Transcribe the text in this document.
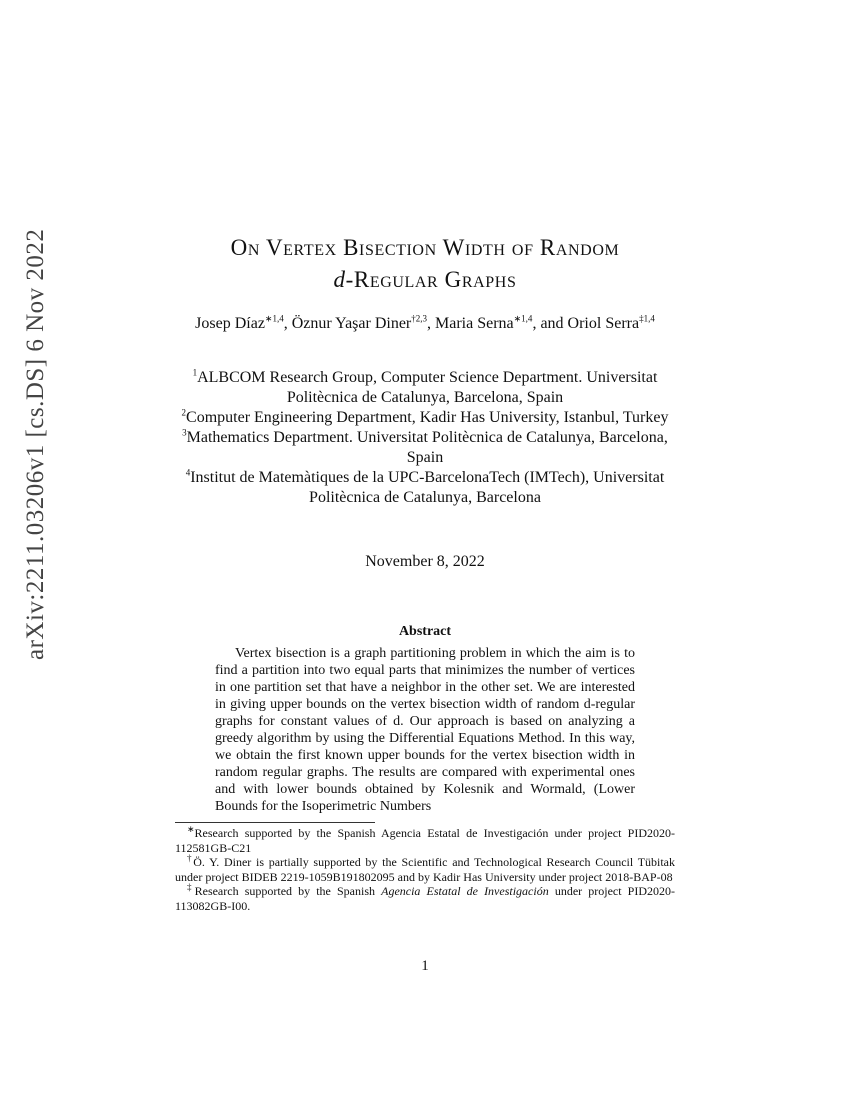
arXiv:2211.03206v1 [cs.DS] 6 Nov 2022	On Vertex Bisection Width of Random
d-Regular Graphs
Josep Díaz$^{∗1,4}$, Öznur Yaşar Diner$^{\dagger 2,3}$, Maria Serna$^{∗1,4}$, and Oriol Serra$^{\ddagger 1,4}$
$^1$ALBCOM Research Group, Computer Science Department. Universitat Politècnica de Catalunya, Barcelona, Spain
$^2$Computer Engineering Department, Kadir Has University, Istanbul, Turkey
$^3$Mathematics Department. Universitat Politècnica de Catalunya, Barcelona, Spain
$^4$Institut de Matemàtiques de la UPC-BarcelonaTech (IMTech), Universitat Politècnica de Catalunya, Barcelona
November 8, 2022
Abstract
Vertex bisection is a graph partitioning problem in which the aim is to find a partition into two equal parts that minimizes the number of vertices in one partition set that have a neighbor in the other set. We are interested in giving upper bounds on the vertex bisection width of random d-regular graphs for constant values of d. Our approach is based on analyzing a greedy algorithm by using the Differential Equations Method. In this way, we obtain the first known upper bounds for the vertex bisection width in random regular graphs. The results are compared with experimental ones and with lower bounds obtained by Kolesnik and Wormald, (Lower Bounds for the Isoperimetric Numbers

∗Research supported by the Spanish Agencia Estatal de Investigación under project PID2020-112581GB-C21

†Ö. Y. Diner is partially supported by the Scientific and Technological Research Council Tübitak under project BIDEB 2219-1059B191802095 and by Kadir Has University under project 2018-BAP-08

‡Research supported by the Spanish Agencia Estatal de Investigación under project PID2020-113082GB-I00.

1
